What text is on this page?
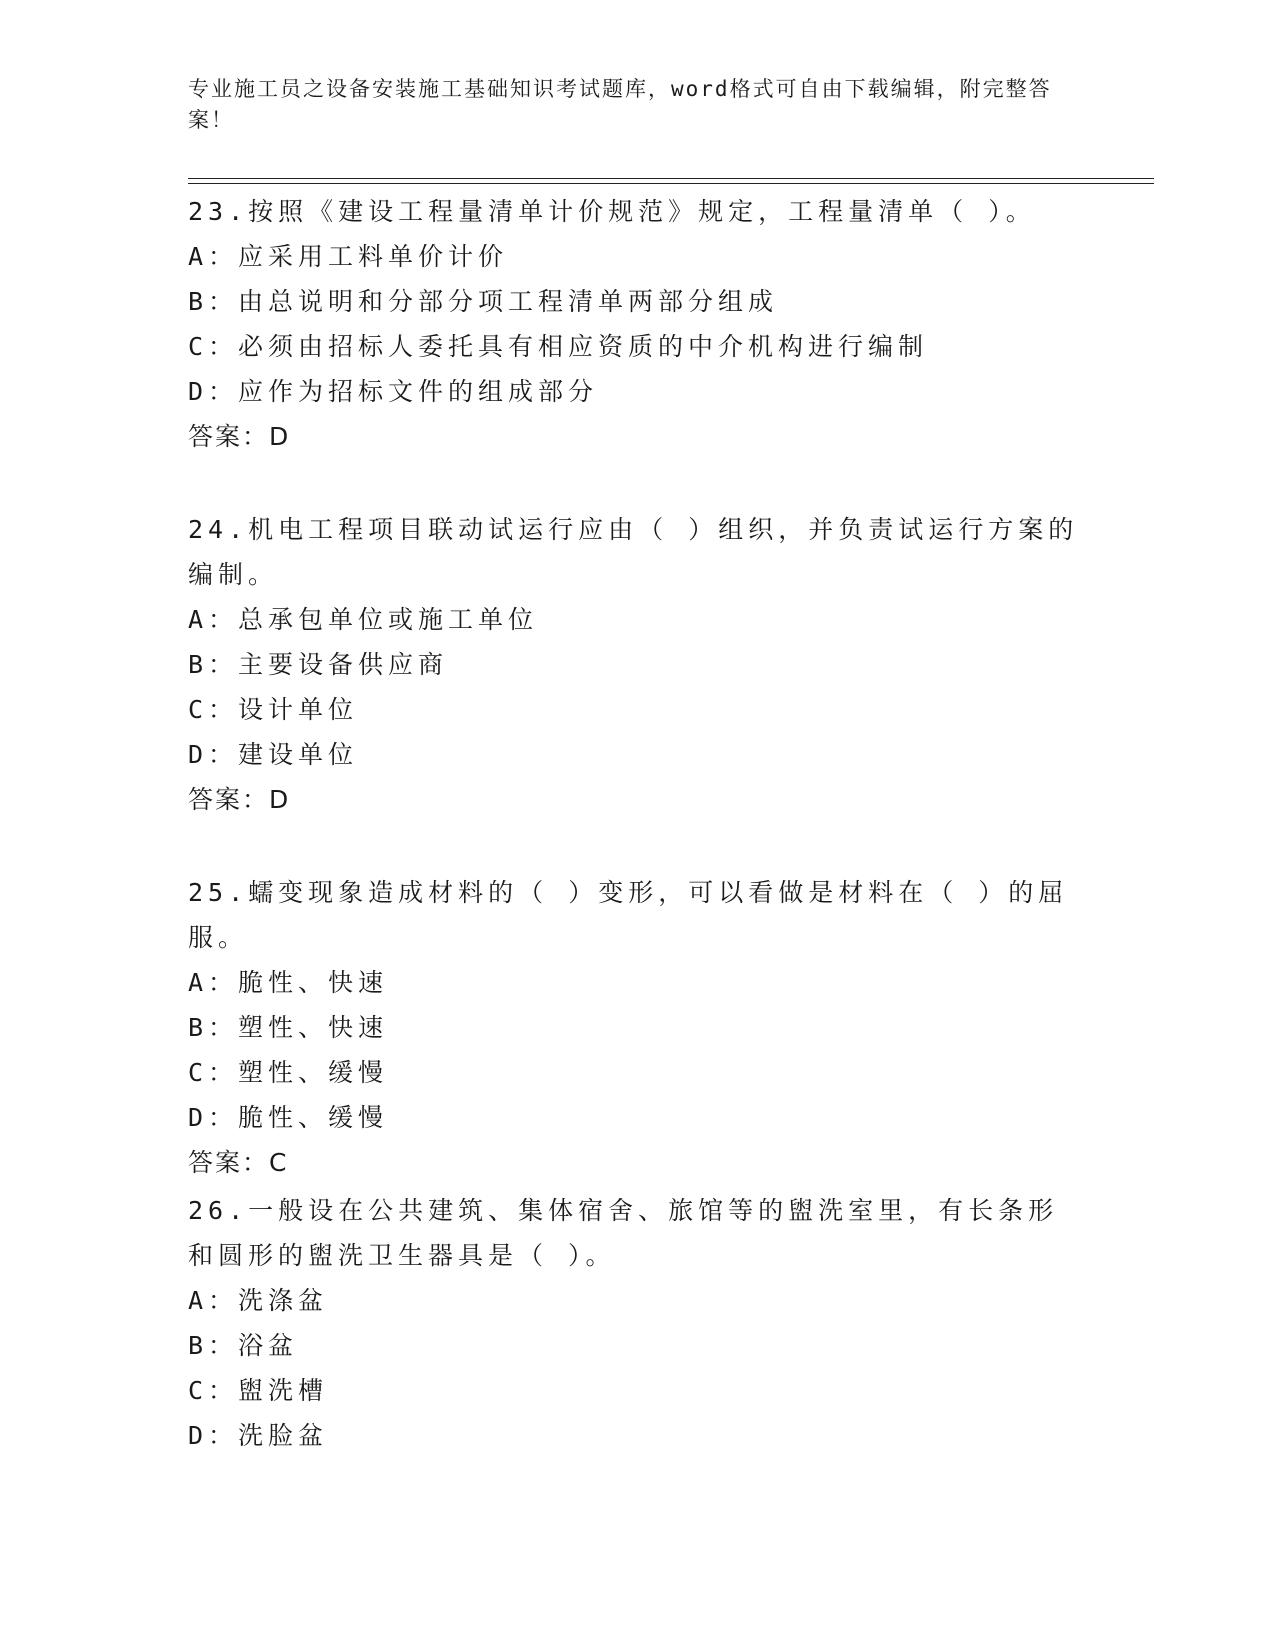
专业施工员之设备安装施工基础知识考试题库，word格式可自由下载编辑，附完整答案！

23.按照《建设工程量清单计价规范》规定，工程量清单（ ）。

A：应采用工料单价计价
B：由总说明和分部分项工程清单两部分组成
C：必须由招标人委托具有相应资质的中介机构进行编制
D：应作为招标文件的组成部分
答案：D

24.机电工程项目联动试运行应由（ ）组织，并负责试运行方案的编制。

A：总承包单位或施工单位
B：主要设备供应商
C：设计单位
D：建设单位
答案：D

25.蠕变现象造成材料的（ ）变形，可以看做是材料在（ ）的屈服。

A：脆性、快速
B：塑性、快速
C：塑性、缓慢
D：脆性、缓慢
答案：C

26.一般设在公共建筑、集体宿舍、旅馆等的盥洗室里，有长条形和圆形的盥洗卫生器具是（ ）。

A：洗涤盆
B：浴盆
C：盥洗槽
D：洗脸盆
